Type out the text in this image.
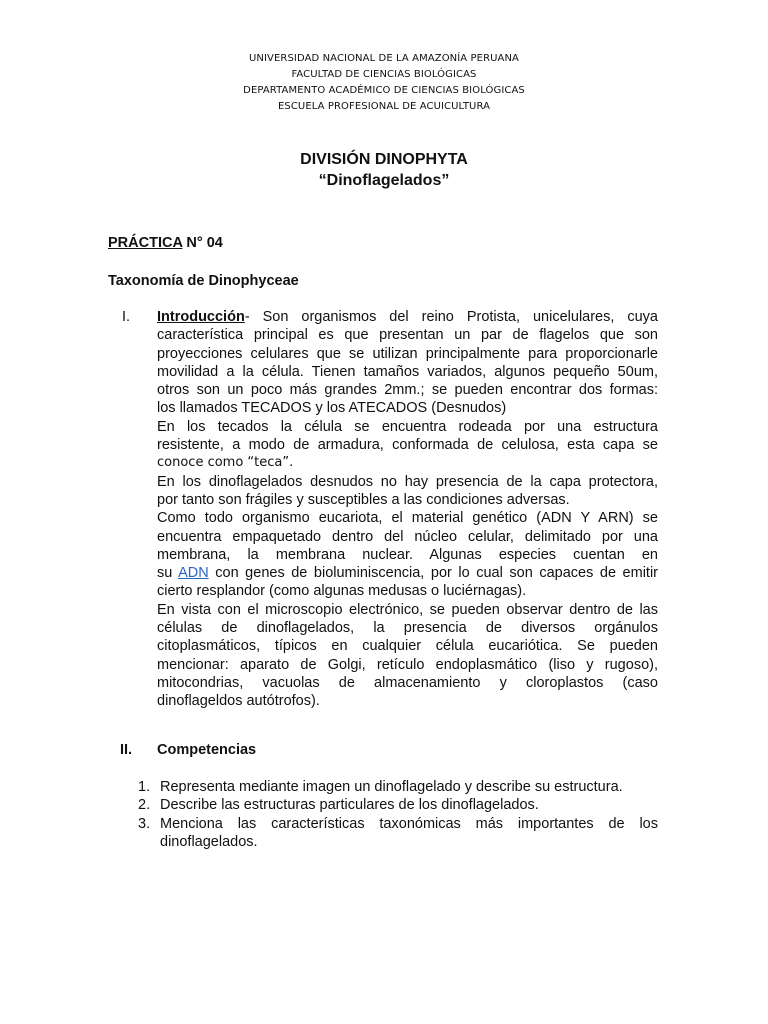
UNIVERSIDAD NACIONAL DE LA AMAZONÍA PERUANA
FACULTAD DE CIENCIAS BIOLÓGICAS
DEPARTAMENTO ACADÉMICO DE CIENCIAS BIOLÓGICAS
ESCUELA PROFESIONAL DE ACUICULTURA
DIVISIÓN DINOPHYTA
“Dinoflagelados”
PRÁCTICA N° 04
Taxonomía de Dinophyceae
I. Introducción- Son organismos del reino Protista, unicelulares, cuya
característica principal es que presentan un par de flagelos que son
proyecciones celulares que se utilizan principalmente para proporcionarle
movilidad a la célula. Tienen tamaños variados, algunos pequeño 50um,
otros son un poco más grandes 2mm.; se pueden encontrar dos formas:
los llamados TECADOS y los ATECADOS (Desnudos)
En los tecados la célula se encuentra rodeada por una estructura
resistente, a modo de armadura, conformada de celulosa, esta capa se
conoce como “teca”.
En los dinoflagelados desnudos no hay presencia de la capa protectora,
por tanto son frágiles y susceptibles a las condiciones adversas.
Como todo organismo eucariota, el material genético (ADN Y ARN) se
encuentra empaquetado dentro del núcleo celular, delimitado por una
membrana, la membrana nuclear. Algunas especies cuentan en
su ADN con genes de bioluminiscencia, por lo cual son capaces de emitir
cierto resplandor (como algunas medusas o luciérnagas).
En vista con el microscopio electrónico, se pueden observar dentro de las
células de dinoflagelados, la presencia de diversos orgánulos
citoplasmáticos, típicos en cualquier célula eucariótica. Se pueden
mencionar: aparato de Golgi, retículo endoplasmático (liso y rugoso),
mitocondrias, vacuolas de almacenamiento y cloroplastos (caso
dinoflageldos autótrofos).
II. Competencias
1. Representa mediante imagen un dinoflagelado y describe su estructura.
2. Describe las estructuras particulares de los dinoflagelados.
3. Menciona las características taxonómicas más importantes de los
dinoflagelados.
